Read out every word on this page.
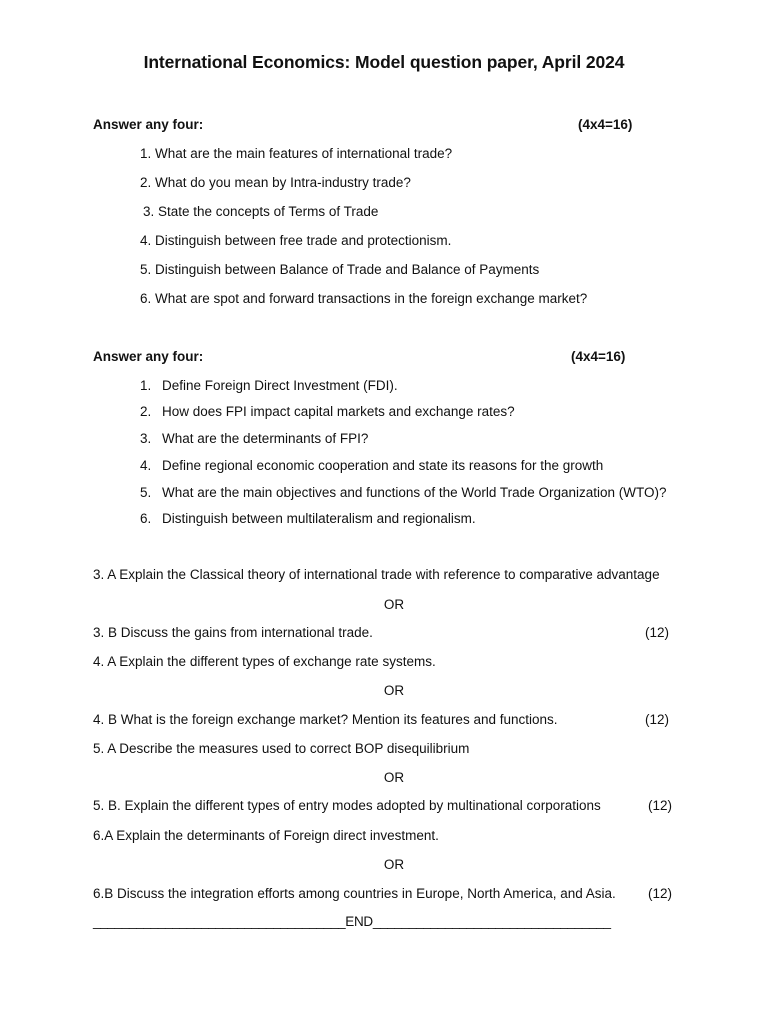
International Economics: Model question paper, April 2024
Answer any four:	(4x4=16)
1. What are the main features of international trade?
2. What do you mean by Intra-industry trade?
3. State the concepts of Terms of Trade
4. Distinguish between free trade and protectionism.
5. Distinguish between Balance of Trade and Balance of Payments
6. What are spot and forward transactions in the foreign exchange market?
Answer any four:	(4x4=16)
1. Define Foreign Direct Investment (FDI).
2. How does FPI impact capital markets and exchange rates?
3. What are the determinants of FPI?
4. Define regional economic cooperation and state its reasons for the growth
5. What are the main objectives and functions of the World Trade Organization (WTO)?
6. Distinguish between multilateralism and regionalism.
3. A Explain the Classical theory of international trade with reference to comparative advantage
OR
3. B Discuss the gains from international trade.	(12)
4. A Explain the different types of exchange rate systems.
OR
4. B What is the foreign exchange market? Mention its features and functions.	(12)
5. A Describe the measures used to correct BOP disequilibrium
OR
5. B. Explain the different types of entry modes adopted by multinational corporations	(12)
6.A Explain the determinants of Foreign direct investment.
OR
6.B Discuss the integration efforts among countries in Europe, North America, and Asia. (12)
___________________________________END_________________________________
